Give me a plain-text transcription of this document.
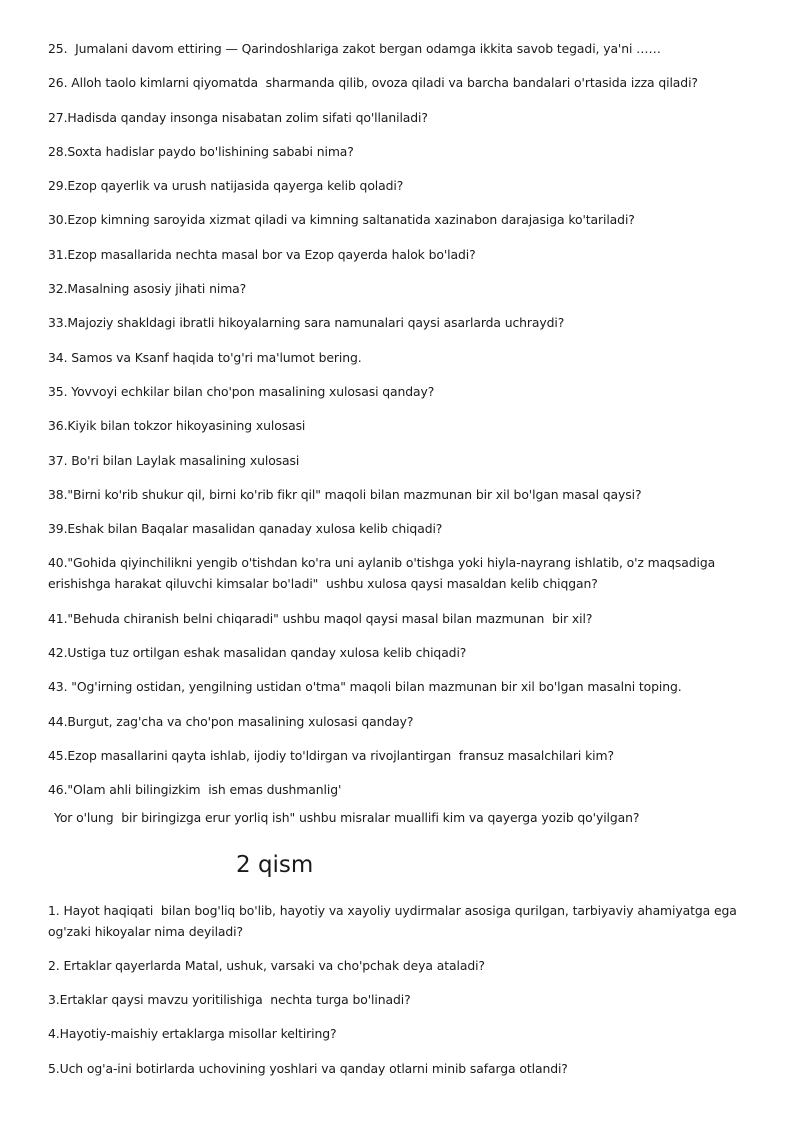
25.  Jumalani davom ettiring — Qarindoshlariga zakot bergan odamga ikkita savob tegadi, ya'ni ……

26. Alloh taolo kimlarni qiyomatda  sharmanda qilib, ovoza qiladi va barcha bandalari o'rtasida izza qiladi?

27.Hadisda qanday insonga nisabatan zolim sifati qo'llaniladi?

28.Soxta hadislar paydo bo'lishining sababi nima?

29.Ezop qayerlik va urush natijasida qayerga kelib qoladi?

30.Ezop kimning saroyida xizmat qiladi va kimning saltanatida xazinabon darajasiga ko'tariladi?

31.Ezop masallarida nechta masal bor va Ezop qayerda halok bo'ladi?

32.Masalning asosiy jihati nima?

33.Majoziy shakldagi ibratli hikoyalarning sara namunalari qaysi asarlarda uchraydi?

34. Samos va Ksanf haqida to'g'ri ma'lumot bering.

35. Yovvoyi echkilar bilan cho'pon masalining xulosasi qanday?

36.Kiyik bilan tokzor hikoyasining xulosasi

37. Bo'ri bilan Laylak masalining xulosasi

38."Birni ko'rib shukur qil, birni ko'rib fikr qil" maqoli bilan mazmunan bir xil bo'lgan masal qaysi?

39.Eshak bilan Baqalar masalidan qanaday xulosa kelib chiqadi?

40."Gohida qiyinchilikni yengib o'tishdan ko'ra uni aylanib o'tishga yoki hiyla-nayrang ishlatib, o'z maqsadiga erishishga harakat qiluvchi kimsalar bo'ladi"  ushbu xulosa qaysi masaldan kelib chiqgan?

41."Behuda chiranish belni chiqaradi" ushbu maqol qaysi masal bilan mazmunan  bir xil?

42.Ustiga tuz ortilgan eshak masalidan qanday xulosa kelib chiqadi?

43. "Og'irning ostidan, yengilning ustidan o'tma" maqoli bilan mazmunan bir xil bo'lgan masalni toping.

44.Burgut, zag'cha va cho'pon masalining xulosasi qanday?

45.Ezop masallarini qayta ishlab, ijodiy to'ldirgan va rivojlantirgan  fransuz masalchilari kim?

46."Olam ahli bilingizkim  ish emas dushmanlig'

Yor o'lung  bir biringizga erur yorliq ish" ushbu misralar muallifi kim va qayerga yozib qo'yilgan?

2 qism

1. Hayot haqiqati  bilan bog'liq bo'lib, hayotiy va xayoliy uydirmalar asosiga qurilgan, tarbiyaviy ahamiyatga ega og'zaki hikoyalar nima deyiladi?

2. Ertaklar qayerlarda Matal, ushuk, varsaki va cho'pchak deya ataladi?

3.Ertaklar qaysi mavzu yoritilishiga  nechta turga bo'linadi?

4.Hayotiy-maishiy ertaklarga misollar keltiring?

5.Uch og'a-ini botirlarda uchovining yoshlari va qanday otlarni minib safarga otlandi?
